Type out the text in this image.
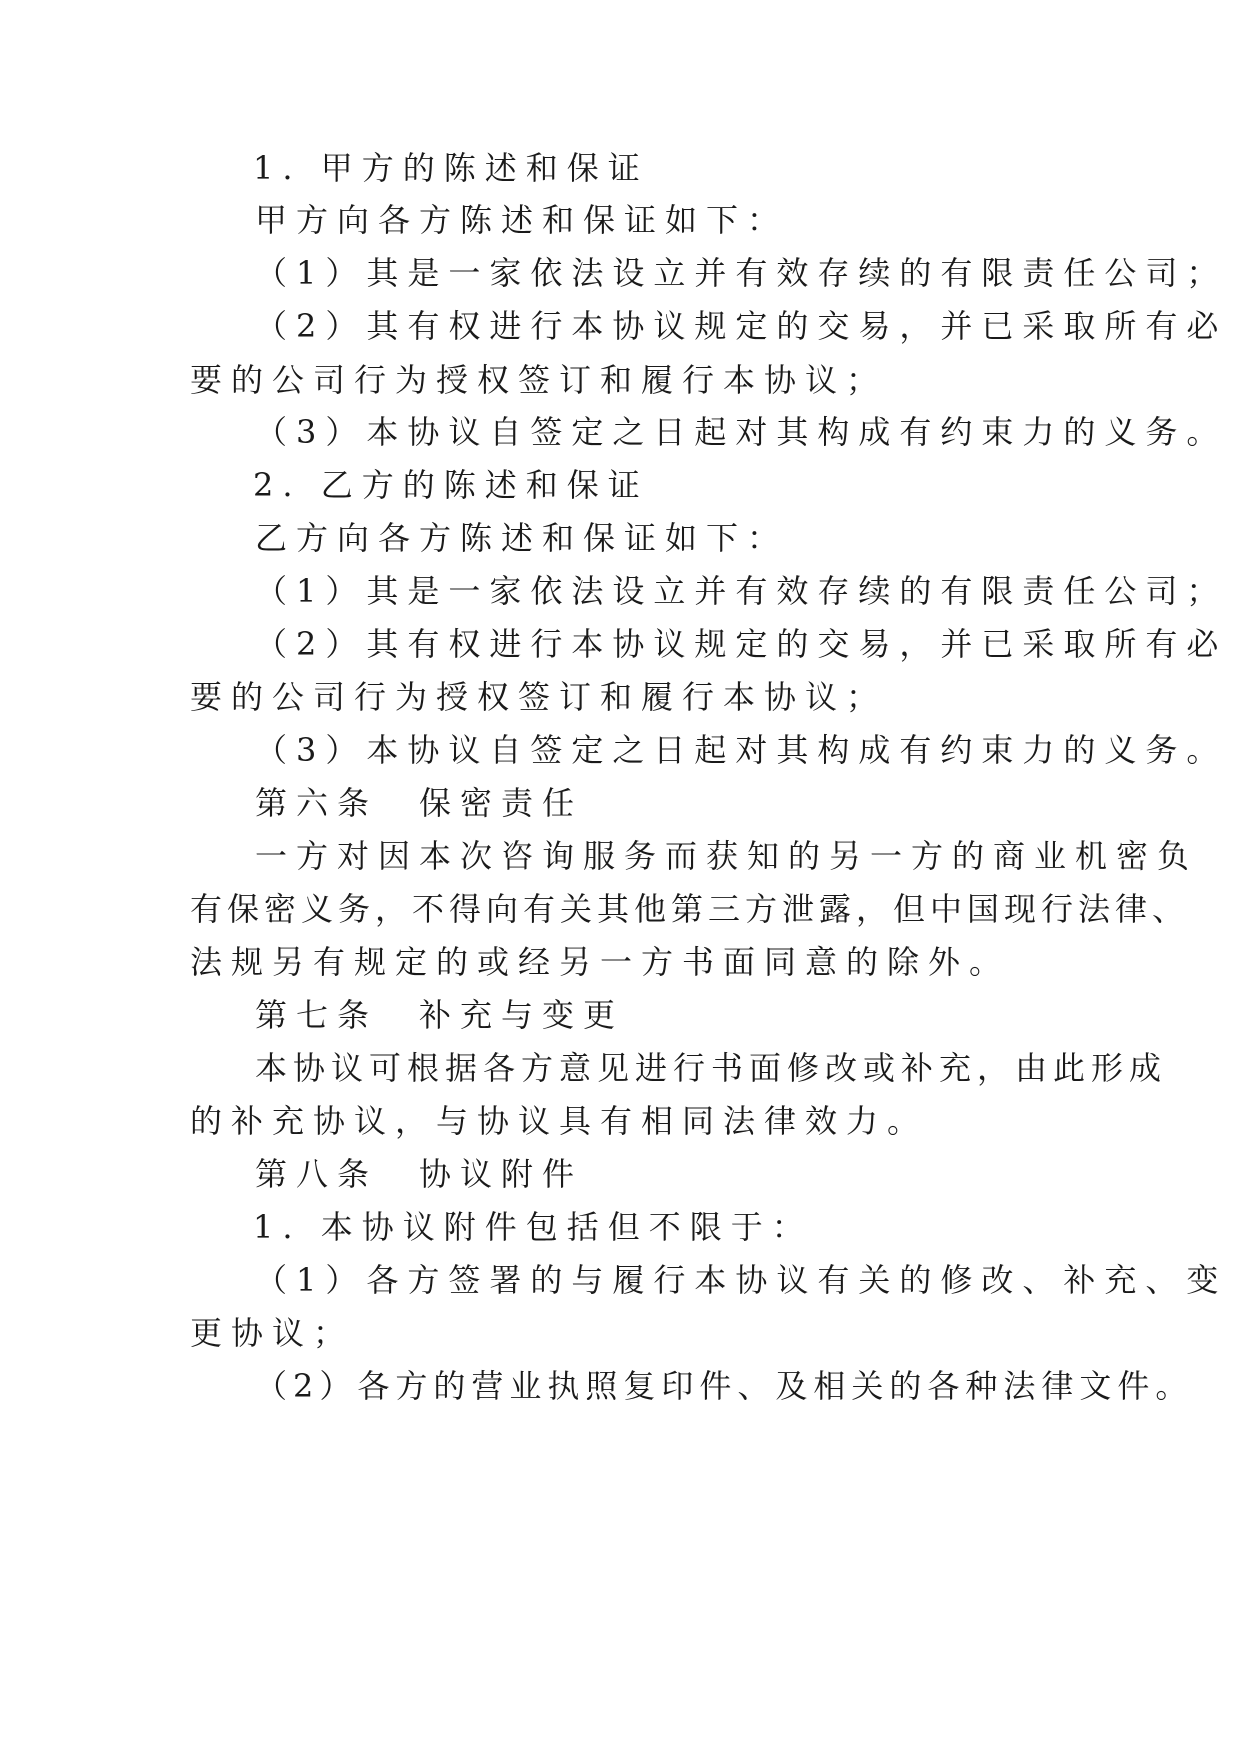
1. 甲方的陈述和保证
甲方向各方陈述和保证如下：
（1）其是一家依法设立并有效存续的有限责任公司；
（2）其有权进行本协议规定的交易，并已采取所有必
要的公司行为授权签订和履行本协议；
（3）本协议自签定之日起对其构成有约束力的义务。
2. 乙方的陈述和保证
乙方向各方陈述和保证如下：
（1）其是一家依法设立并有效存续的有限责任公司；
（2）其有权进行本协议规定的交易，并已采取所有必
要的公司行为授权签订和履行本协议；
（3）本协议自签定之日起对其构成有约束力的义务。
第六条　保密责任
一方对因本次咨询服务而获知的另一方的商业机密负
有保密义务，不得向有关其他第三方泄露，但中国现行法律、
法规另有规定的或经另一方书面同意的除外。
第七条　补充与变更
本协议可根据各方意见进行书面修改或补充，由此形成
的补充协议，与协议具有相同法律效力。
第八条　协议附件
1. 本协议附件包括但不限于：
（1）各方签署的与履行本协议有关的修改、补充、变
更协议；
（2）各方的营业执照复印件、及相关的各种法律文件。
